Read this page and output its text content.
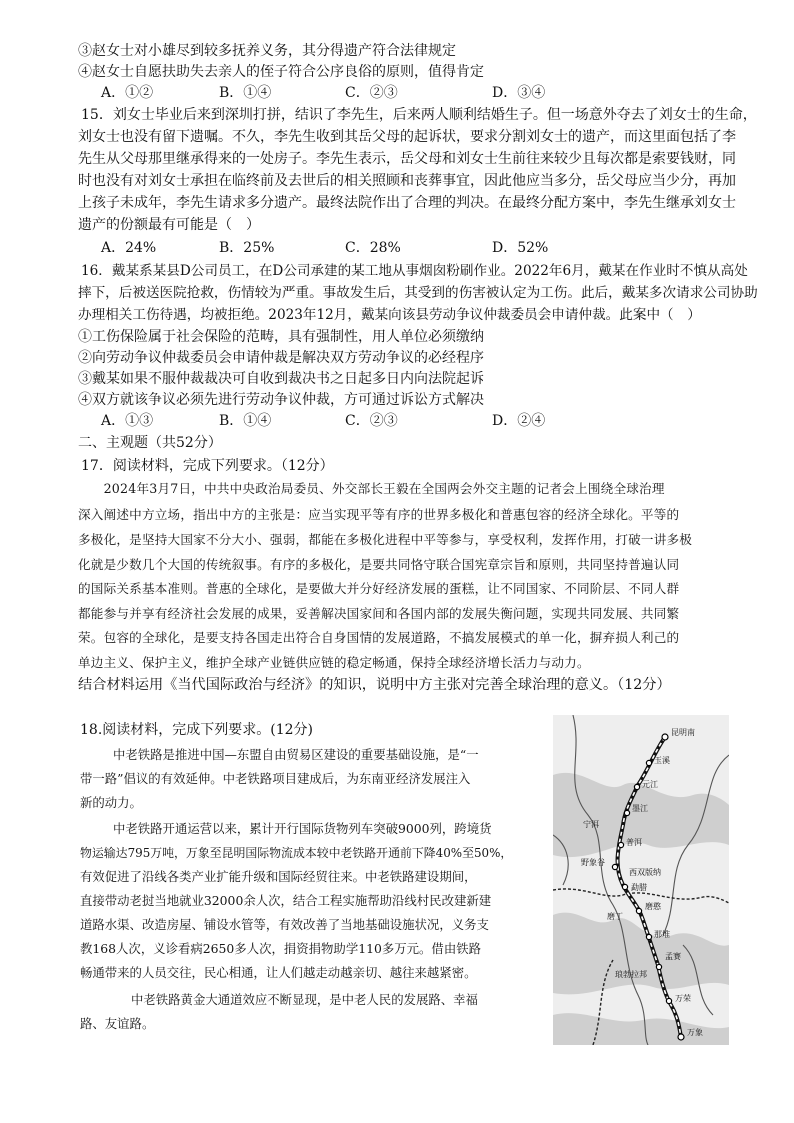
③赵女士对小雄尽到较多抚养义务，其分得遗产符合法律规定
④赵女士自愿扶助失去亲人的侄子符合公序良俗的原则，值得肯定
A．①②	B．①④	C．②③	D．③④
15．刘女士毕业后来到深圳打拼，结识了李先生，后来两人顺利结婚生子。但一场意外夺去了刘女士的生命，
刘女士也没有留下遗嘱。不久，李先生收到其岳父母的起诉状，要求分割刘女士的遗产，而这里面包括了李
先生从父母那里继承得来的一处房子。李先生表示，岳父母和刘女士生前往来较少且每次都是索要钱财，同
时也没有对刘女士承担在临终前及去世后的相关照顾和丧葬事宜，因此他应当多分，岳父母应当少分，再加
上孩子未成年，李先生请求多分遗产。最终法院作出了合理的判决。在最终分配方案中，李先生继承刘女士
遗产的份额最有可能是（　）
A．24%	B．25%	C．28%	D．52%
16．戴某系某县D公司员工，在D公司承建的某工地从事烟囱粉刷作业。2022年6月，戴某在作业时不慎从高处
摔下，后被送医院抢救，伤情较为严重。事故发生后，其受到的伤害被认定为工伤。此后，戴某多次请求公司协助
办理相关工伤待遇，均被拒绝。2023年12月，戴某向该县劳动争议仲裁委员会申请仲裁。此案中（　）
①工伤保险属于社会保险的范畴，具有强制性，用人单位必须缴纳
②向劳动争议仲裁委员会申请仲裁是解决双方劳动争议的必经程序
③戴某如果不服仲裁裁决可自收到裁决书之日起多日内向法院起诉
④双方就该争议必须先进行劳动争议仲裁，方可通过诉讼方式解决
A．①③	B．①④	C．②③	D．②④
二、主观题（共52分）
17．阅读材料，完成下列要求。（12分）
　　2024年3月7日，中共中央政治局委员、外交部长王毅在全国两会外交主题的记者会上围绕全球治理
深入阐述中方立场，指出中方的主张是：应当实现平等有序的世界多极化和普惠包容的经济全球化。平等的
多极化，是坚持大国家不分大小、强弱，都能在多极化进程中平等参与，享受权利，发挥作用，打破一讲多极
化就是少数几个大国的传统叙事。有序的多极化，是要共同恪守联合国宪章宗旨和原则，共同坚持普遍认同
的国际关系基本准则。普惠的全球化，是要做大并分好经济发展的蛋糕，让不同国家、不同阶层、不同人群
都能参与并享有经济社会发展的成果，妥善解决国家间和各国内部的发展失衡问题，实现共同发展、共同繁
荣。包容的全球化，是要支持各国走出符合自身国情的发展道路，不搞发展模式的单一化，摒弃损人利己的
单边主义、保护主义，维护全球产业链供应链的稳定畅通，保持全球经济增长活力与动力。
结合材料运用《当代国际政治与经济》的知识，说明中方主张对完善全球治理的意义。（12分）
18.阅读材料，完成下列要求。(12分)
中老铁路是推进中国—东盟自由贸易区建设的重要基础设施，是“一
带一路”倡议的有效延伸。中老铁路项目建成后，为东南亚经济发展注入
新的动力。
中老铁路开通运营以来，累计开行国际货物列车突破9000列，跨境货
物运输达795万吨，万象至昆明国际物流成本较中老铁路开通前下降40%至50%，
有效促进了沿线各类产业扩能升级和国际经贸往来。中老铁路建设期间，
直接带动老挝当地就业32000余人次，结合工程实施帮助沿线村民改建新建
道路水渠、改造房屋、铺设水管等，有效改善了当地基础设施状况，义务支
教168人次，义诊看病2650多人次，捐资捐物助学110多万元。借由铁路
畅通带来的人员交往，民心相通，让人们越走动越亲切、越往来越紧密。
中老铁路黄金大通道效应不断显现，是中老人民的发展路、幸福
路、友谊路。
昆明南
玉溪
元江
墨江
宁洱
普洱
野象谷
西双版纳
勐腊
磨憨
磨丁
那堆
孟赛
琅勃拉邦
万荣
万象
